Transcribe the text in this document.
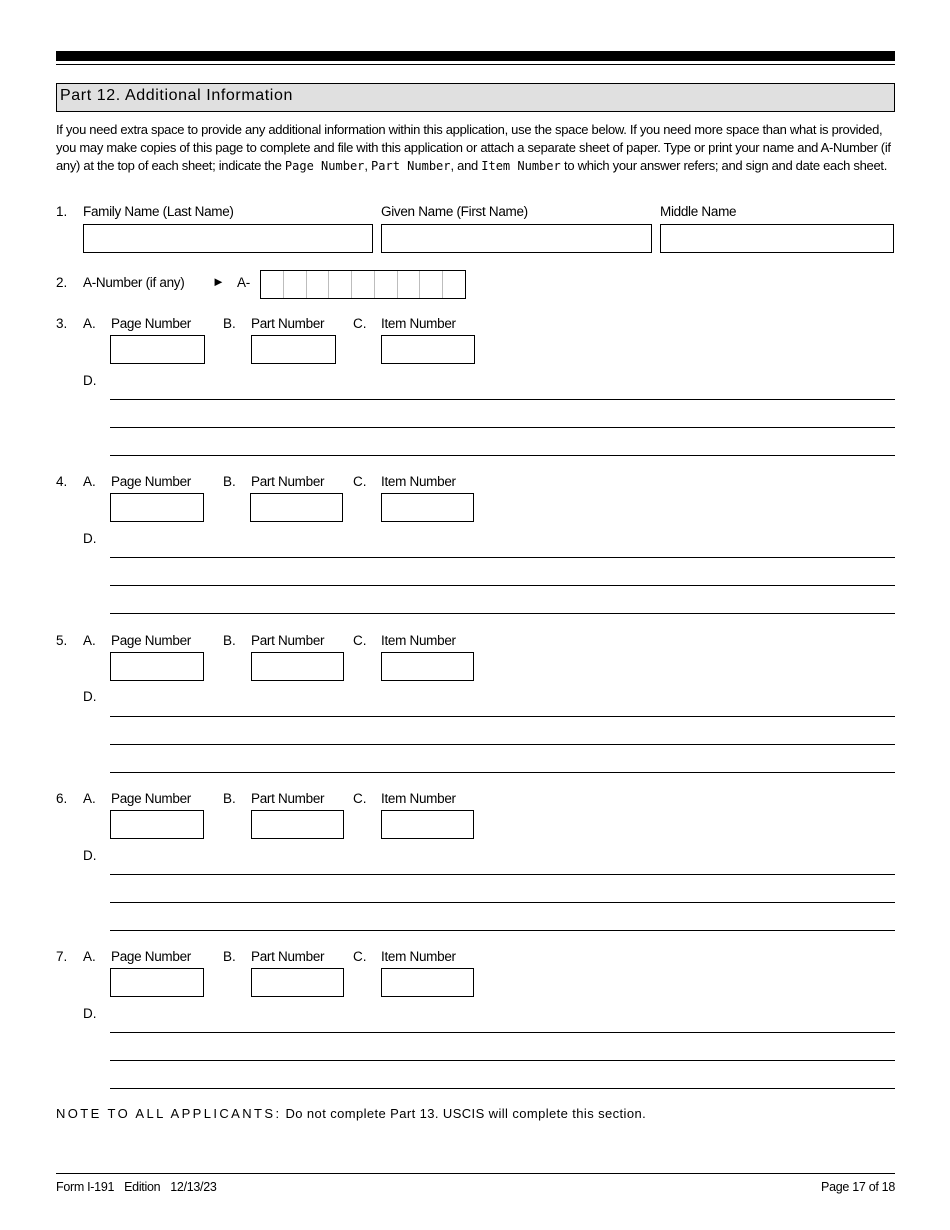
Part 12. Additional Information
If you need extra space to provide any additional information within this application, use the space below. If you need more space than what is provided, you may make copies of this page to complete and file with this application or attach a separate sheet of paper. Type or print your name and A-Number (if any) at the top of each sheet; indicate the Page Number, Part Number, and Item Number to which your answer refers; and sign and date each sheet.
1. Family Name (Last Name)	Given Name (First Name)	Middle Name
2. A-Number (if any) ► A-
3. A. Page Number B. Part Number C. Item Number
D.
4. A. Page Number B. Part Number C. Item Number
D.
5. A. Page Number B. Part Number C. Item Number
D.
6. A. Page Number B. Part Number C. Item Number
D.
7. A. Page Number B. Part Number C. Item Number
D.
NOTE TO ALL APPLICANTS: Do not complete Part 13. USCIS will complete this section.
Form I-191 Edition 12/13/23	Page 17 of 18
